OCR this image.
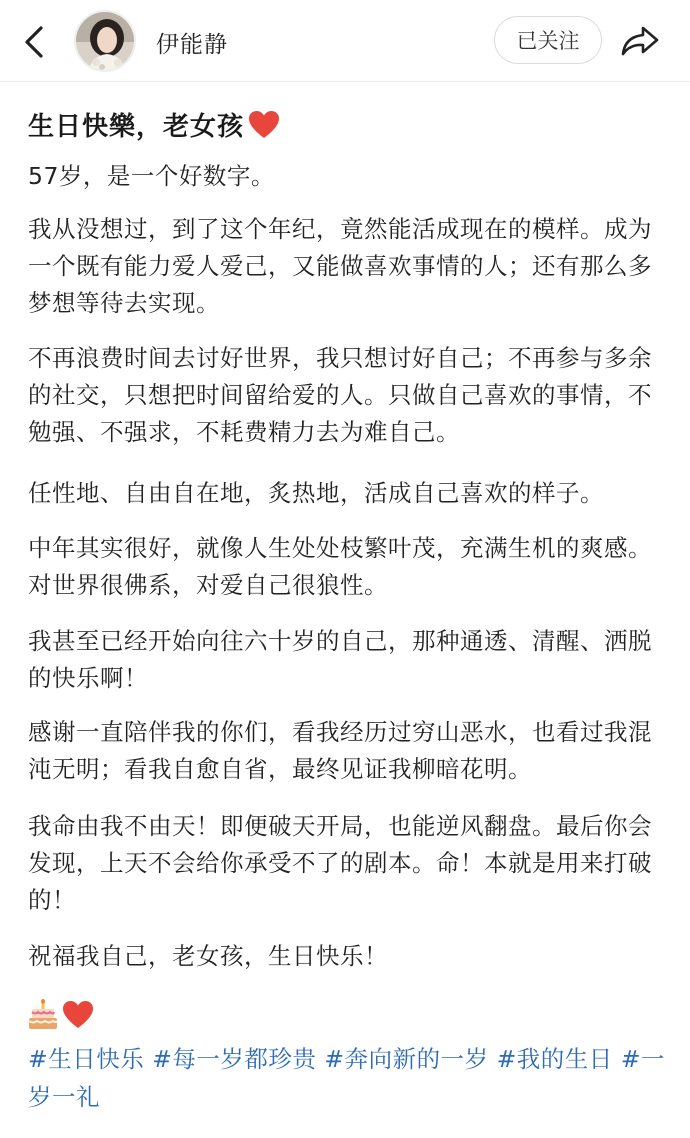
伊能静	已关注
生日快樂，老女孩
57岁，是一个好数字。
我从没想过，到了这个年纪，竟然能活成现在的模样。成为一个既有能力爱人爱己，又能做喜欢事情的人；还有那么多梦想等待去实现。
不再浪费时间去讨好世界，我只想讨好自己；不再参与多余的社交，只想把时间留给爱的人。只做自己喜欢的事情，不勉强、不强求，不耗费精力去为难自己。
任性地、自由自在地，炙热地，活成自己喜欢的样子。
中年其实很好，就像人生处处枝繁叶茂，充满生机的爽感。对世界很佛系，对爱自己很狼性。
我甚至已经开始向往六十岁的自己，那种通透、清醒、洒脱的快乐啊！
感谢一直陪伴我的你们，看我经历过穷山恶水，也看过我混沌无明；看我自愈自省，最终见证我柳暗花明。
我命由我不由天！即便破天开局，也能逆风翻盘。最后你会发现，上天不会给你承受不了的剧本。命！本就是用来打破的！
祝福我自己，老女孩，生日快乐！
#生日快乐 #每一岁都珍贵 #奔向新的一岁 #我的生日 #一岁一礼
